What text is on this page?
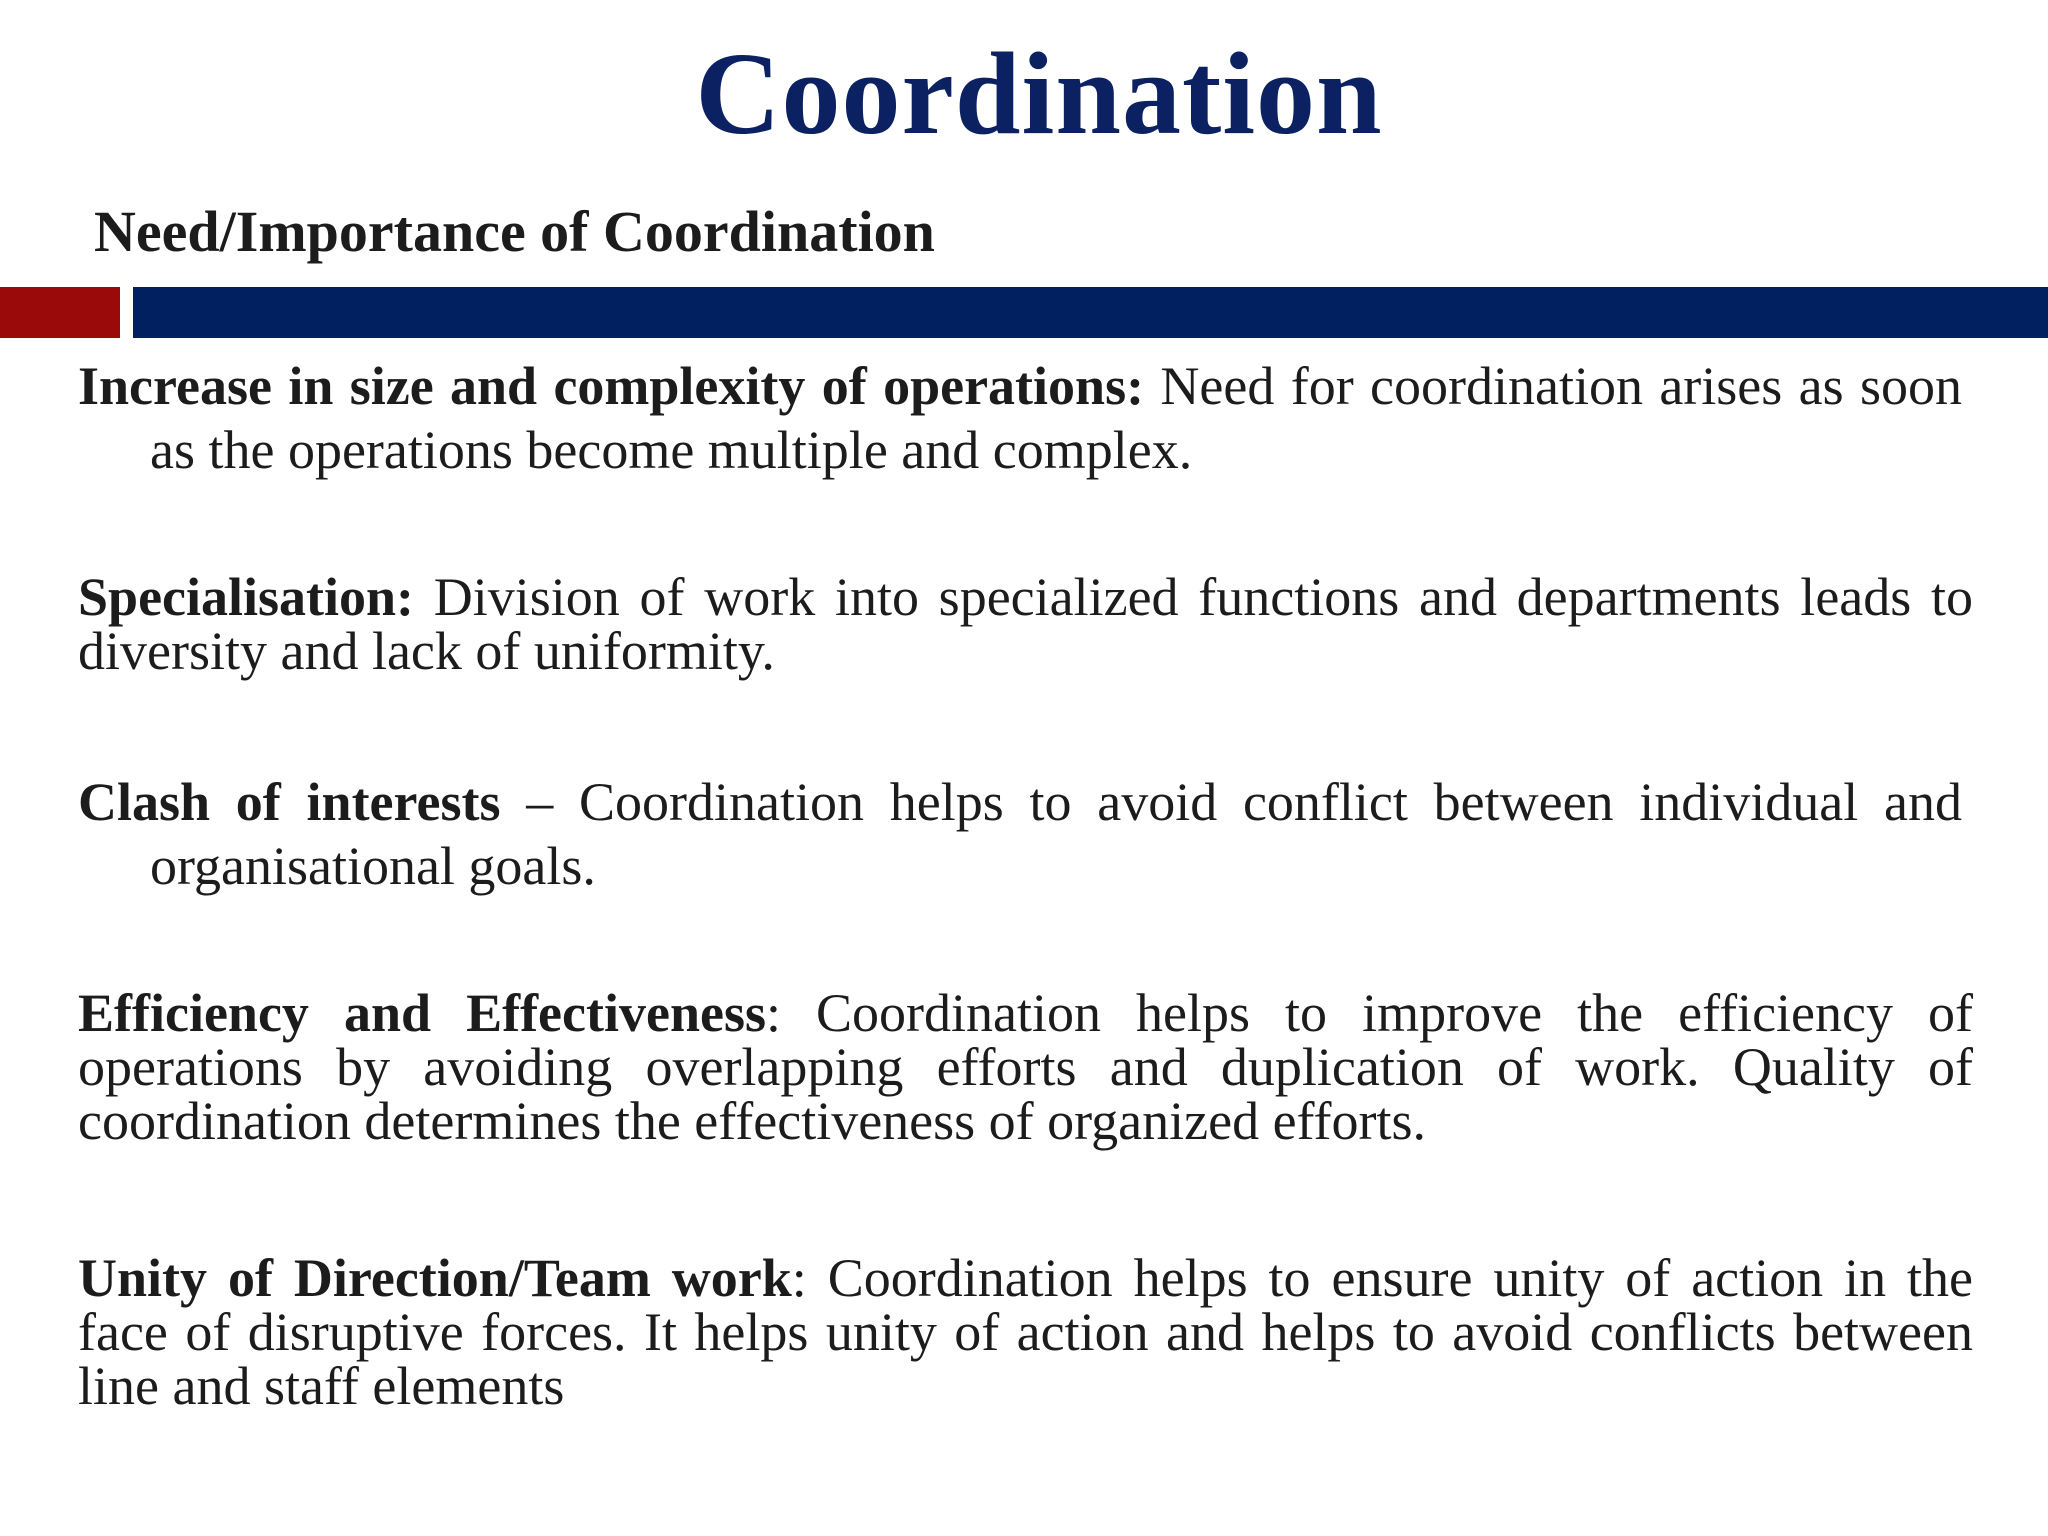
Coordination
Need/Importance of Coordination

Increase in size and complexity of operations: Need for coordination arises as soon as the operations become multiple and complex.

Specialisation: Division of work into specialized functions and departments leads to diversity and lack of uniformity.

Clash of interests – Coordination helps to avoid conflict between individual and organisational goals.

Efficiency and Effectiveness: Coordination helps to improve the efficiency of operations by avoiding overlapping efforts and duplication of work. Quality of coordination determines the effectiveness of organized efforts.

Unity of Direction/Team work: Coordination helps to ensure unity of action in the face of disruptive forces. It helps unity of action and helps to avoid conflicts between line and staff elements
